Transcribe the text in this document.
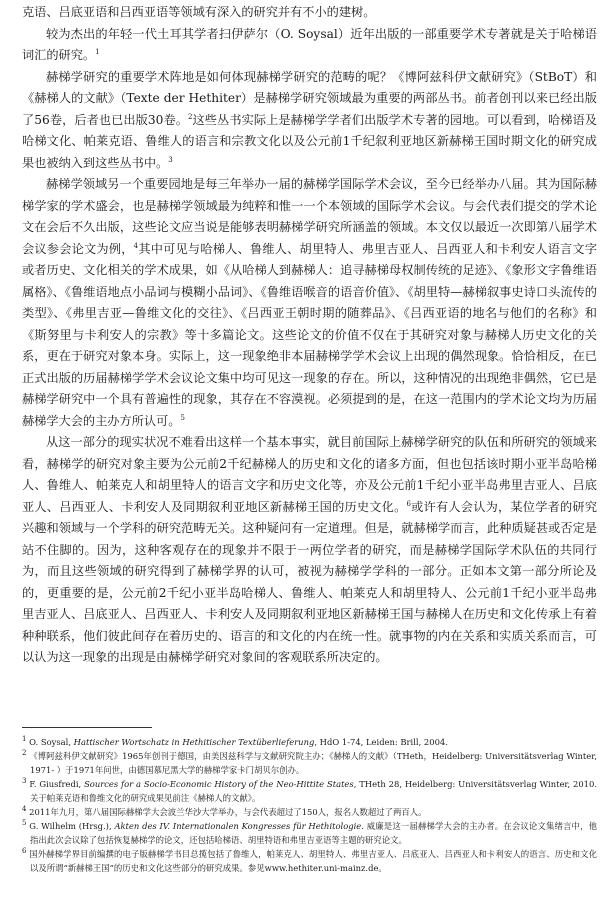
克语、吕底亚语和吕西亚语等领域有深入的研究并有不小的建树。

较为杰出的年轻一代土耳其学者扫伊萨尔（O. Soysal）近年出版的一部重要学术专著就是关于哈梯语词汇的研究。$^1$

赫梯学研究的重要学术阵地是如何体现赫梯学研究的范畴的呢？《博阿兹科伊文献研究》（StBoT）和《赫梯人的文献》（Texte der Hethiter）是赫梯学研究领域最为重要的两部丛书。前者创刊以来已经出版了56卷，后者也已出版30卷。$^2$这些丛书实际上是赫梯学学者们出版学术专著的园地。可以看到，哈梯语及哈梯文化、帕莱克语、鲁维人的语言和宗教文化以及公元前1千纪叙利亚地区新赫梯王国时期文化的研究成果也被纳入到这些丛书中。$^3$

赫梯学领域另一个重要园地是每三年举办一届的赫梯学国际学术会议，至今已经举办八届。其为国际赫梯学家的学术盛会，也是赫梯学领域最为纯粹和惟一一个本领域的国际学术会议。与会代表们提交的学术论文在会后不久出版，这些论文应当说是能够表明赫梯学研究所涵盖的领域。本文仅以最近一次即第八届学术会议参会论文为例，$^4$其中可见与哈梯人、鲁维人、胡里特人、弗里吉亚人、吕西亚人和卡利安人语言文字或者历史、文化相关的学术成果，如《从哈梯人到赫梯人：追寻赫梯母权制传统的足迹》、《象形文字鲁维语属格》、《鲁维语地点小品词与模糊小品词》、《鲁维语喉音的语音价值》、《胡里特—赫梯叙事史诗口头流传的类型》、《弗里吉亚—鲁维文化的交往》、《吕西亚王朝时期的随葬品》、《吕西亚语的地名与他们的名称》和《斯努里与卡利安人的宗教》等十多篇论文。这些论文的价值不仅在于其研究对象与赫梯人历史文化的关系，更在于研究对象本身。实际上，这一现象绝非本届赫梯学学术会议上出现的偶然现象。恰恰相反，在已正式出版的历届赫梯学学术会议论文集中均可见这一现象的存在。所以，这种情况的出现绝非偶然，它已是赫梯学研究中一个具有普遍性的现象，其存在不容漠视。必须提到的是，在这一范围内的学术论文均为历届赫梯学大会的主办方所认可。$^5$

从这一部分的现实状况不难看出这样一个基本事实，就目前国际上赫梯学研究的队伍和所研究的领域来看，赫梯学的研究对象主要为公元前2千纪赫梯人的历史和文化的诸多方面，但也包括该时期小亚半岛哈梯人、鲁维人、帕莱克人和胡里特人的语言文字和历史文化等，亦及公元前1千纪小亚半岛弗里吉亚人、吕底亚人、吕西亚人、卡利安人及同期叙利亚地区新赫梯王国的历史文化。$^6$或许有人会认为，某位学者的研究兴趣和领域与一个学科的研究范畴无关。这种疑问有一定道理。但是，就赫梯学而言，此种质疑甚或否定是站不住脚的。因为，这种客观存在的现象并不限于一两位学者的研究，而是赫梯学国际学术队伍的共同行为，而且这些领域的研究得到了赫梯学界的认可，被视为赫梯学学科的一部分。正如本文第一部分所论及的，更重要的是，公元前2千纪小亚半岛哈梯人、鲁维人、帕莱克人和胡里特人、公元前1千纪小亚半岛弗里吉亚人、吕底亚人、吕西亚人、卡利安人及同期叙利亚地区新赫梯王国与赫梯人在历史和文化传承上有着种种联系，他们彼此间存在着历史的、语言的和文化的内在统一性。就事物的内在关系和实质关系而言，可以认为这一现象的出现是由赫梯学研究对象间的客观联系所决定的。

$^1$ O. Soysal, Hattischer Wortschatz in Hethitischer Textüberlieferung, HdO 1-74, Leiden: Brill, 2004.

$^2$ 《博阿兹科伊文献研究》1965年创刊于德国，由美因兹科学与文献研究院主办；《赫梯人的文献》（THeth，Heidelberg: Universitätsverlag Winter, 1971- ）于1971年问世，由德国慕尼黑大学的赫梯学家卡门胡贝尔创办。

$^3$ F. Giusfredi, Sources for a Socio-Economic History of the Neo-Hittite States, THeth 28, Heidelberg: Universitätsverlag Winter, 2010. 关于帕莱克语和鲁维文化的研究成果见前注《赫梯人的文献》。

$^4$ 2011年九月，第八届国际赫梯学大会波兰华沙大学举办，与会代表超过了150人，报名人数超过了两百人。

$^5$ G. Wilhelm (Hrsg.), Akten des IV. Internationalen Kongresses für Hethitologie. 威廉是这一届赫梯学大会的主办者。在会议论文集绪言中，他指出此次会议除了包括恢复赫梯学的论文，还包括哈梯语、胡里特语和弗里吉亚语等主题的研究论文。

$^6$ 国外赫梯学界目前编撰的电子版赫梯学书目总揽包括了鲁维人，帕莱克人、胡里特人、弗里吉亚人、吕底亚人、吕西亚人和卡利安人的语言、历史和文化以及所谓“新赫梯王国”的历史和文化这些部分的研究成果。参见www.hethiter.uni-mainz.de。
